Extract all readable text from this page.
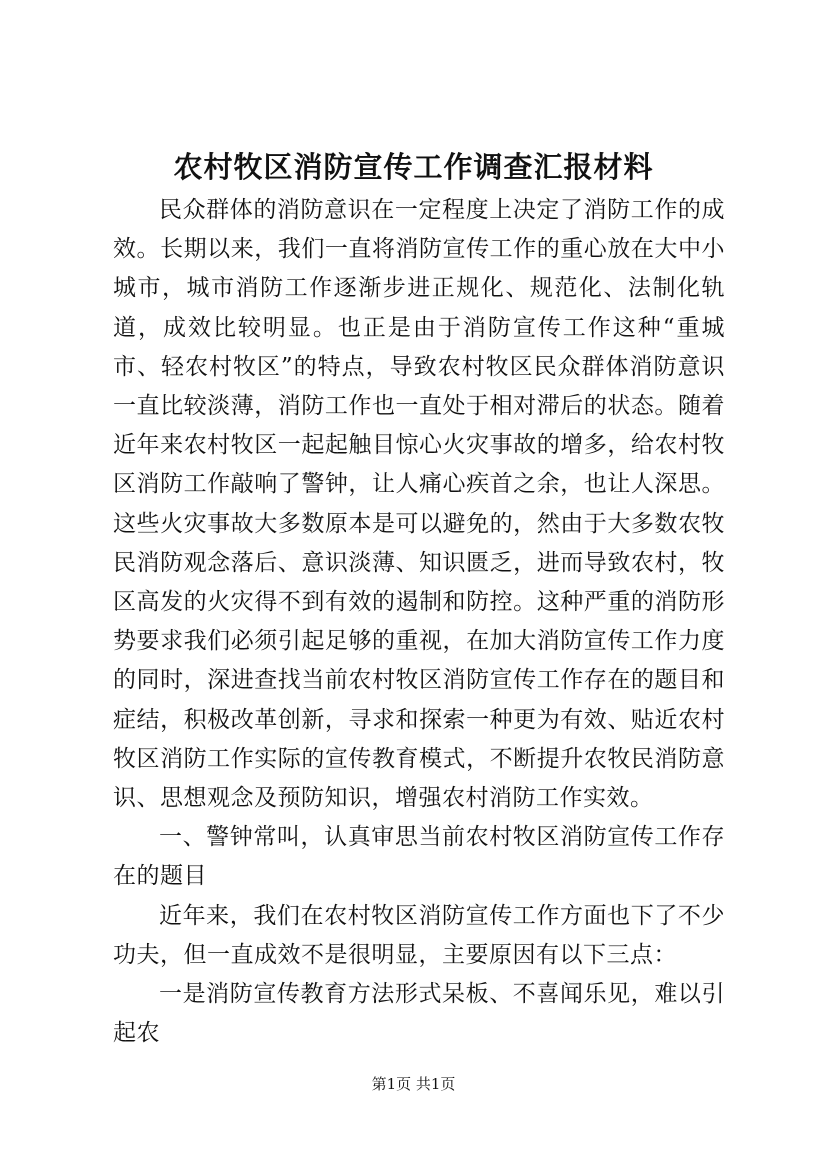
农村牧区消防宣传工作调查汇报材料

民众群体的消防意识在一定程度上决定了消防工作的成效。长期以来，我们一直将消防宣传工作的重心放在大中小城市，城市消防工作逐渐步进正规化、规范化、法制化轨道，成效比较明显。也正是由于消防宣传工作这种“重城市、轻农村牧区”的特点，导致农村牧区民众群体消防意识一直比较淡薄，消防工作也一直处于相对滞后的状态。随着近年来农村牧区一起起触目惊心火灾事故的增多，给农村牧区消防工作敲响了警钟，让人痛心疾首之余，也让人深思。这些火灾事故大多数原本是可以避免的，然由于大多数农牧民消防观念落后、意识淡薄、知识匮乏，进而导致农村，牧区高发的火灾得不到有效的遏制和防控。这种严重的消防形势要求我们必须引起足够的重视，在加大消防宣传工作力度的同时，深进查找当前农村牧区消防宣传工作存在的题目和症结，积极改革创新，寻求和探索一种更为有效、贴近农村牧区消防工作实际的宣传教育模式，不断提升农牧民消防意识、思想观念及预防知识，增强农村消防工作实效。

一、警钟常叫，认真审思当前农村牧区消防宣传工作存在的题目

近年来，我们在农村牧区消防宣传工作方面也下了不少功夫，但一直成效不是很明显，主要原因有以下三点：

一是消防宣传教育方法形式呆板、不喜闻乐见，难以引起农

第1页 共1页
